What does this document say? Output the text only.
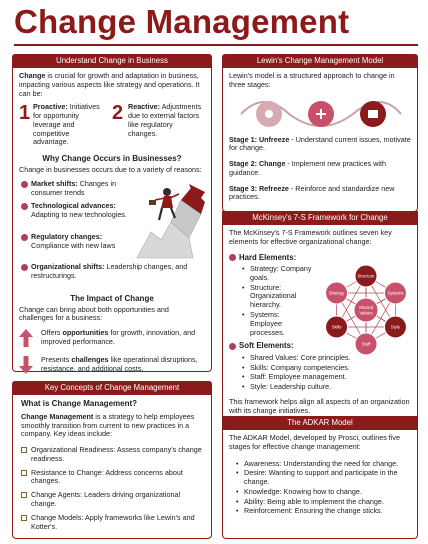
Change Management
Understand Change in Business

Change is crucial for growth and adaptation in business, impacting various aspects like strategy and operations. It can be:

1 Proactive: Initiatives for opportunity leverage and competitive advantage.

2 Reactive: Adjustments due to external factors like regulatory changes.

Why Change Occurs in Businesses?

Change in businesses occurs due to a variety of reasons:

Market shifts: Changes in consumer trends

Technological advances: Adapting to new technologies.

Regulatory changes: Compliance with new laws

Organizational shifts: Leadership changes, and restructurings.

The Impact of Change

Change can bring about both opportunities and challenges for a business:

Offers opportunities for growth, innovation, and improved performance.

Presents challenges like operational disruptions, resistance, and additional costs.

Key Concepts of Change Management

What is Change Management?

Change Management is a strategy to help employees smoothly transition from current to new practices in a company. Key ideas include:

Organizational Readiness: Assess company's change readiness.

Resistance to Change: Address concerns about changes.

Change Agents: Leaders driving organizational change.

Change Models: Apply frameworks like Lewin's and Kotter's.

Lewin's Change Management Model

Lewin's model is a structured approach to change in three stages:

Stage 1: Unfreeze - Understand current issues, motivate for change.

Stage 2: Change - Implement new practices with guidance.

Stage 3: Refreeze - Reinforce and standardize new practices.

McKinsey's 7-S Framework for Change

The McKinsey's 7-S Framework outlines seven key elements for effective organizational change:

Hard Elements:

• Strategy: Company goals.
• Structure: Organizational hierarchy.
• Systems: Employee processes.

Soft Elements:

• Shared Values: Core principles.
• Skills: Company competencies.
• Staff: Employee management.
• Style: Leadership culture.

This framework helps align all aspects of an organization with its change initiatives.

Shared
Values
Structure
Systems
Style
Staff
Skills
Strategy
The ADKAR Model

The ADKAR Model, developed by Prosci, outlines five stages for effective change management:

• Awareness: Understanding the need for change.
• Desire: Wanting to support and participate in the change.
• Knowledge: Knowing how to change.
• Ability: Being able to implement the change.
• Reinforcement: Ensuring the change sticks.
